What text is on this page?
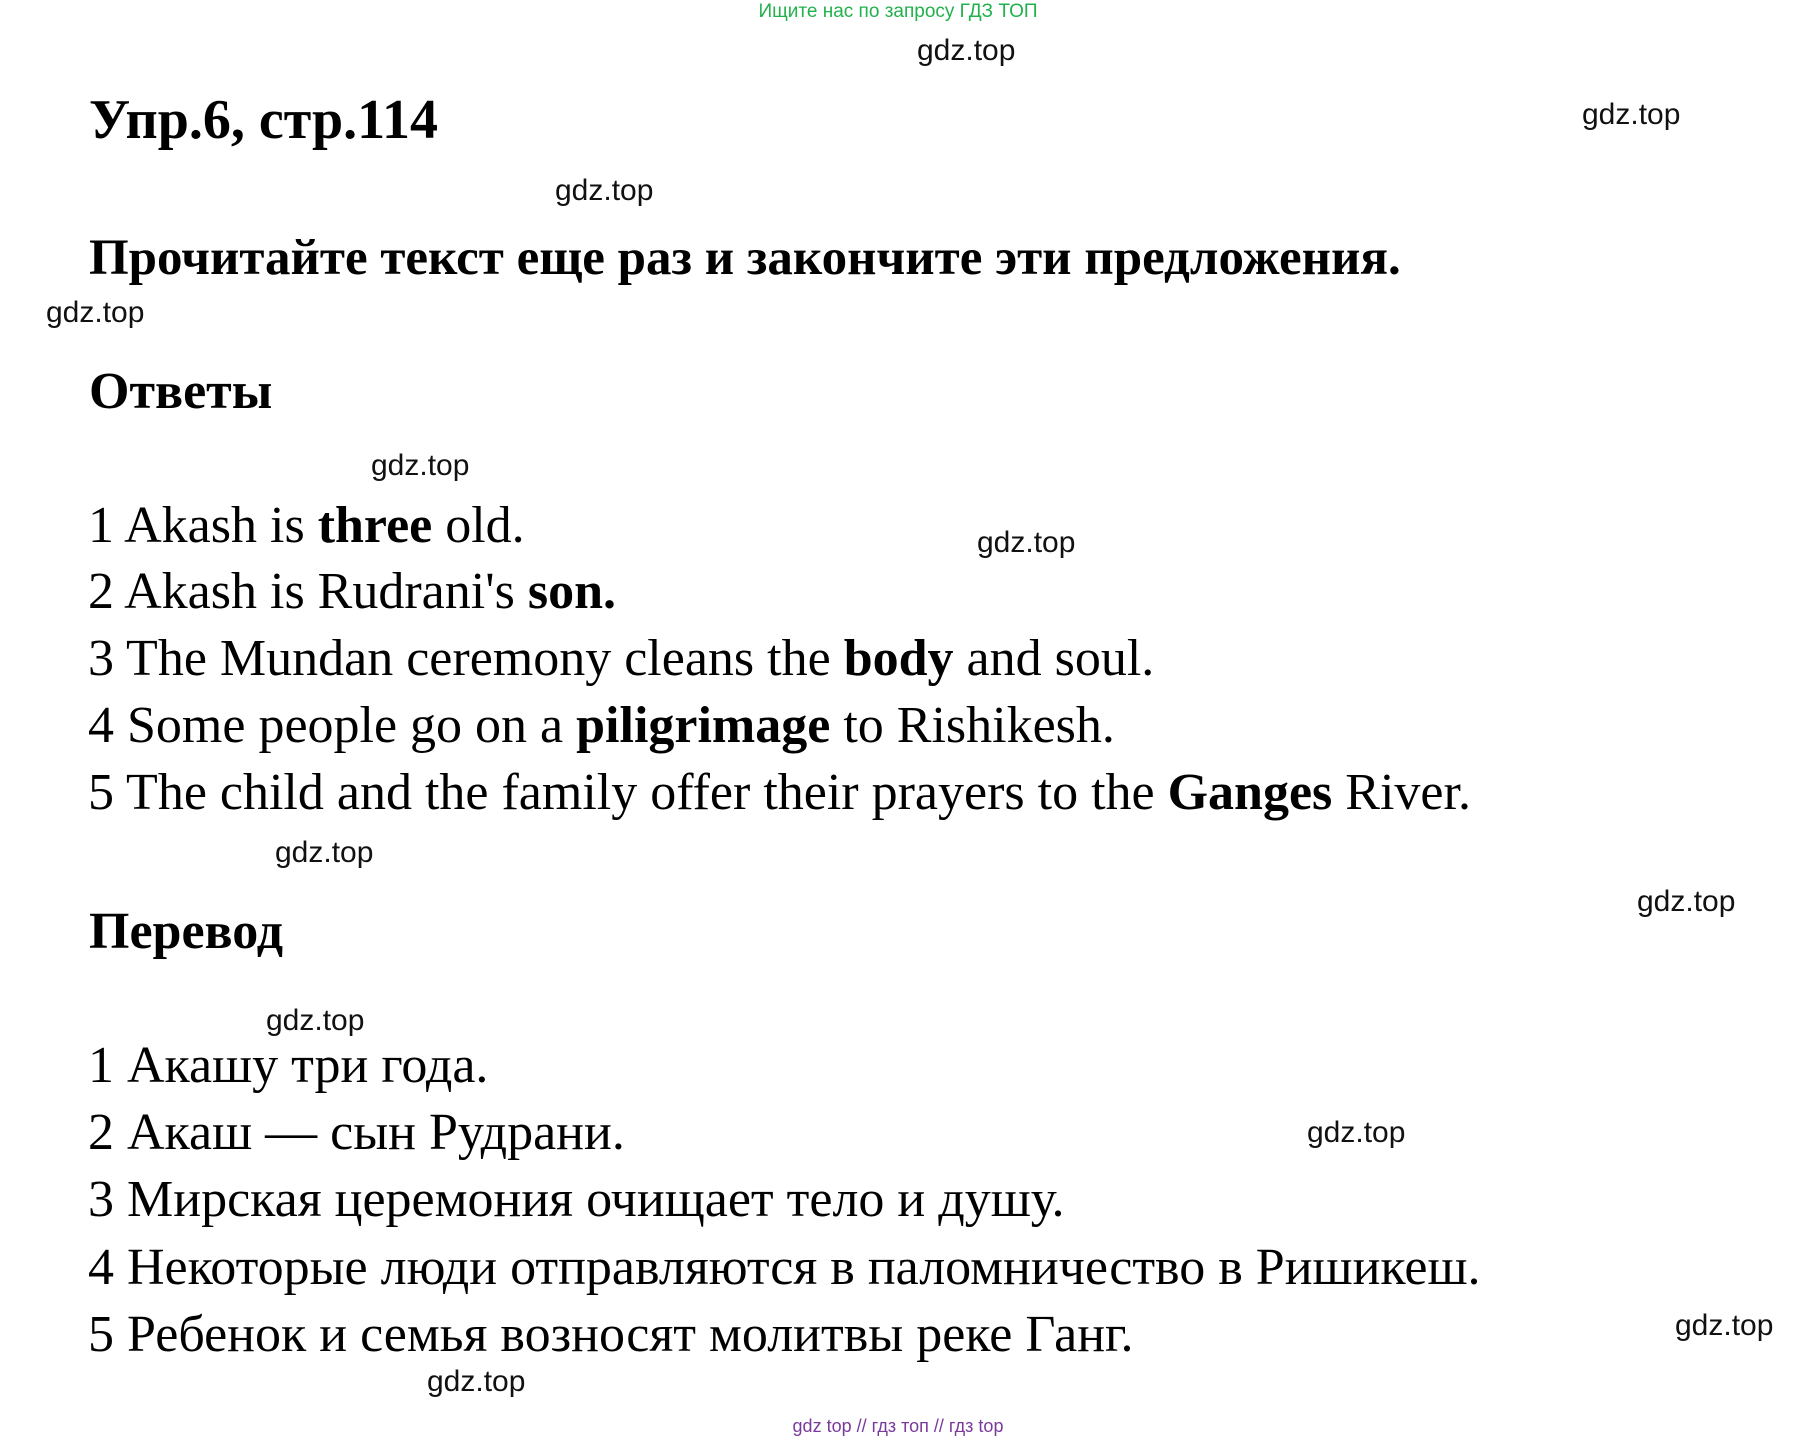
Ищите нас по запросу ГДЗ ТОП
gdz.top
gdz.top
gdz.top
gdz.top
gdz.top
gdz.top
gdz.top
gdz.top
gdz.top
gdz.top
gdz.top
gdz.top
Упр.6, стр.114
Прочитайте текст еще раз и закончите эти предложения.
Ответы
1 Akash is three old.
2 Akash is Rudrani's son.
3 The Mundan ceremony cleans the body and soul.
4 Some people go on a piligrimage to Rishikesh.
5 The child and the family offer their prayers to the Ganges River.
Перевод
1 Акашу три года.
2 Акаш — сын Рудрани.
3 Мирская церемония очищает тело и душу.
4 Некоторые люди отправляются в паломничество в Ришикеш.
5 Ребенок и семья возносят молитвы реке Ганг.
gdz top // гдз топ // гдз top
